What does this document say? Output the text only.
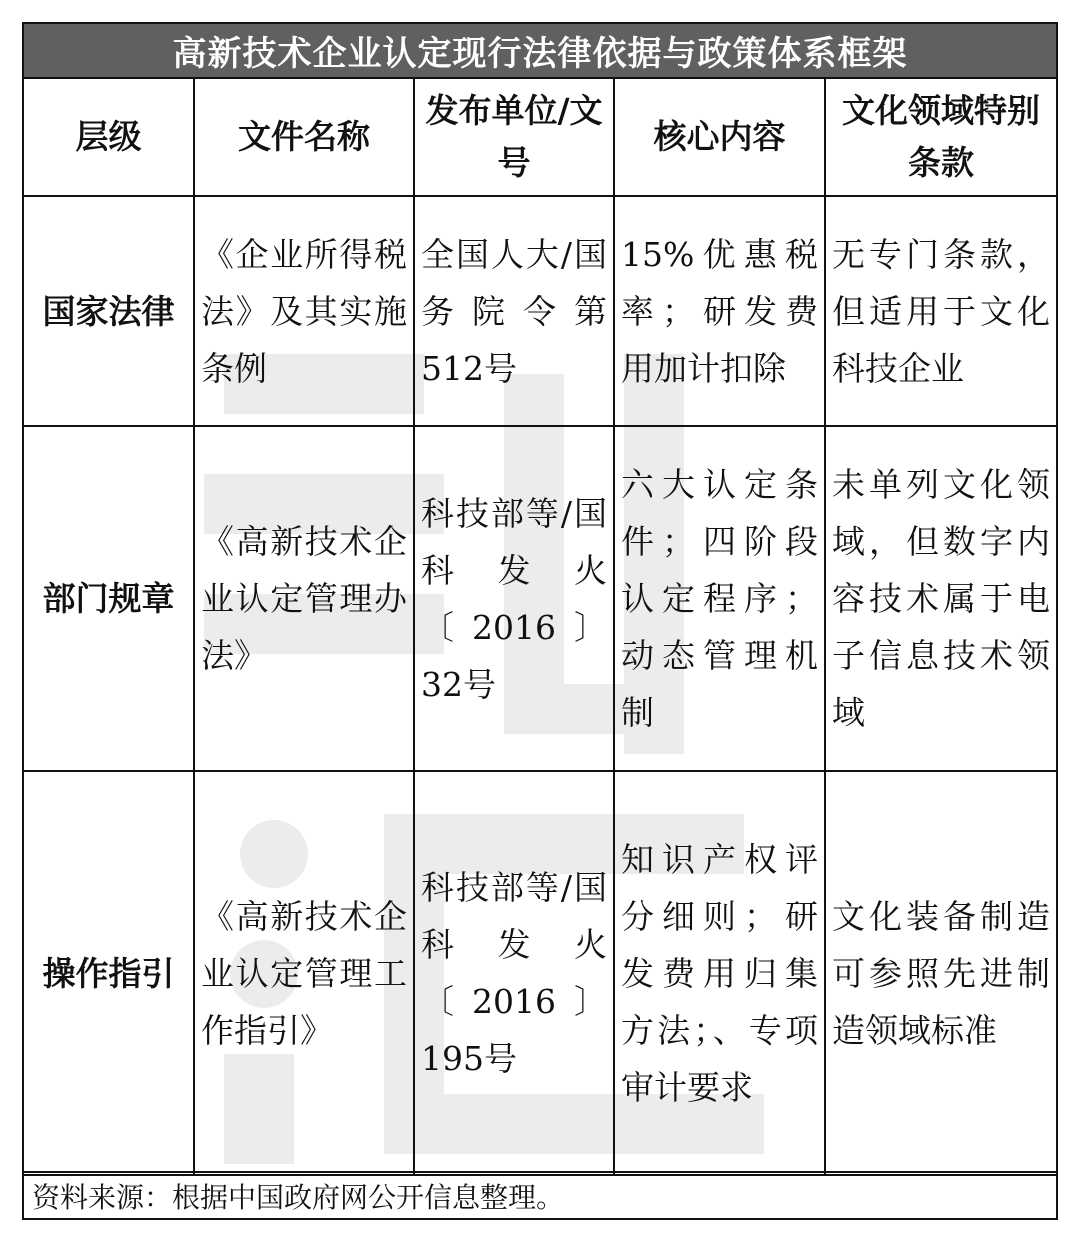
高新技术企业认定现行法律依据与政策体系框架
层级	文件名称	发布单位/文号	核心内容	文化领域特别条款
国家法律	《企业所得税法》及其实施条例	全国人大/国务院令第512号	15%优惠税率；研发费用加计扣除	无专门条款，但适用于文化科技企业
部门规章	《高新技术企业认定管理办法》	科技部等/国科发火〔2016〕32号	六大认定条件；四阶段认定程序；动态管理机制	未单列文化领域，但数字内容技术属于电子信息技术领域
操作指引	《高新技术企业认定管理工作指引》	科技部等/国科发火〔2016〕195号	知识产权评分细则；研发费用归集方法；、专项审计要求	文化装备制造可参照先进制造领域标准
资料来源：根据中国政府网公开信息整理。
